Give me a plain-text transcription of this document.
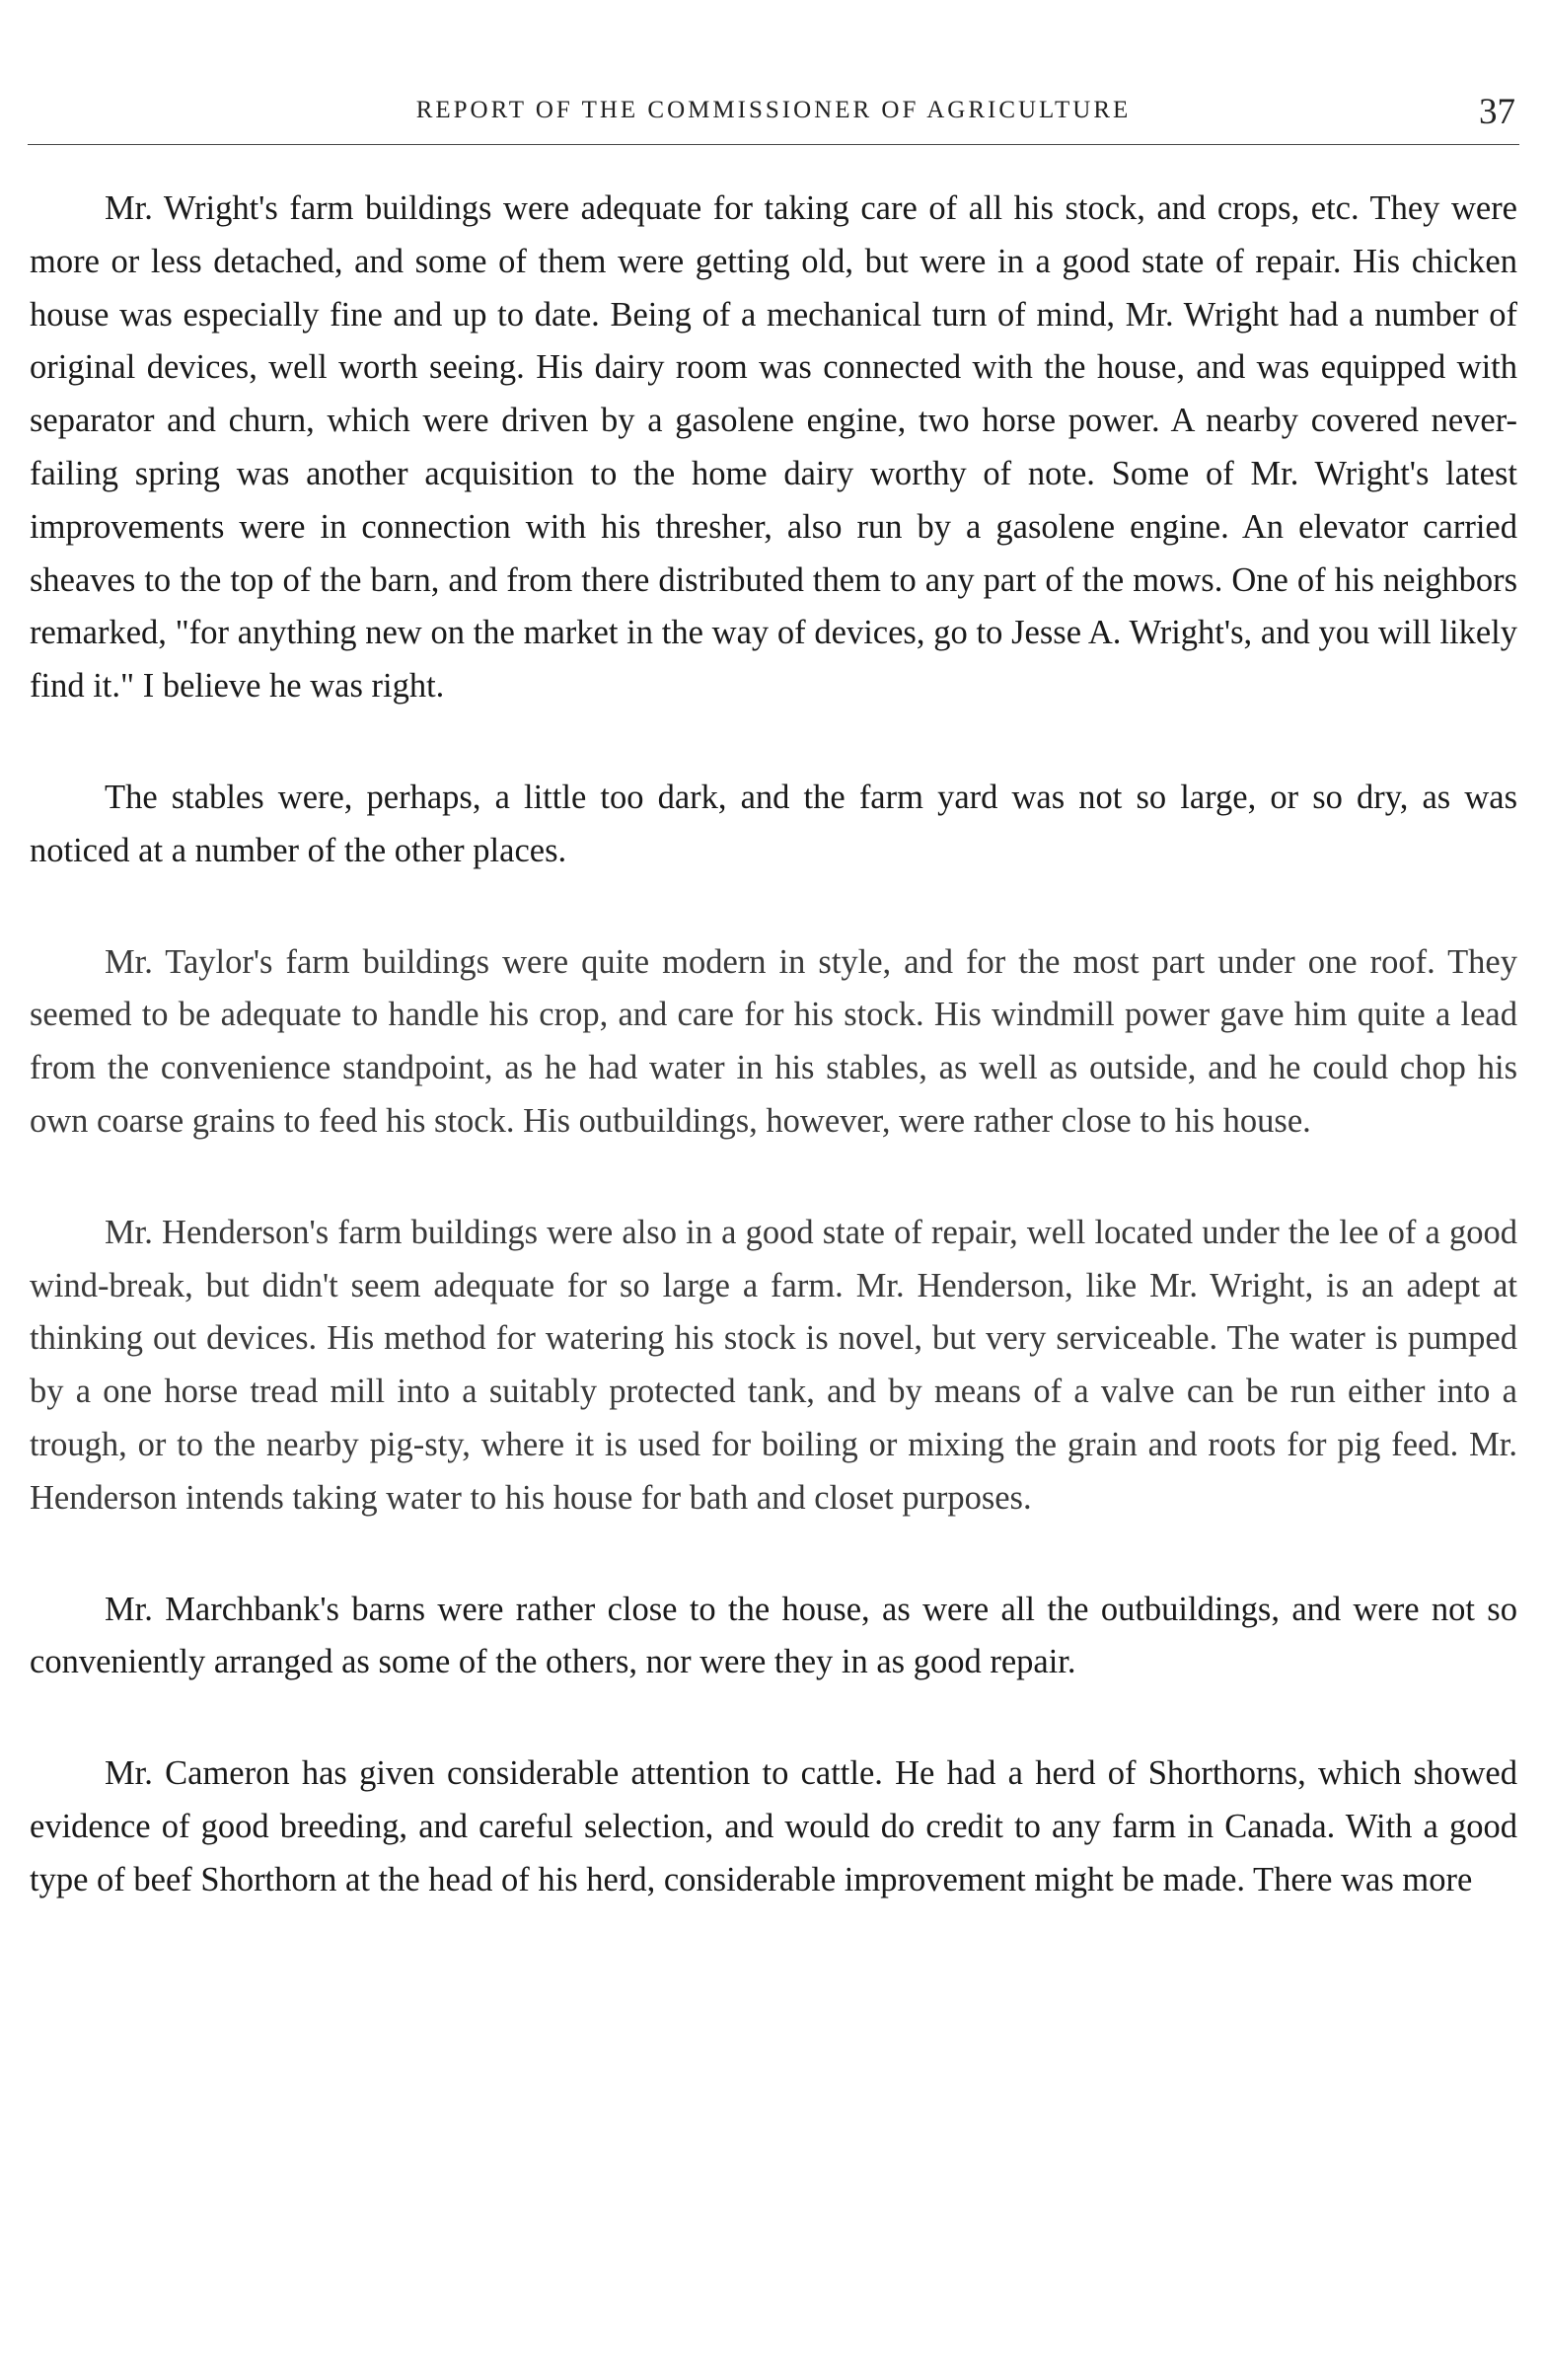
REPORT OF THE COMMISSIONER OF AGRICULTURE	37

Mr. Wright's farm buildings were adequate for taking care of all his stock, and crops, etc. They were more or less detached, and some of them were getting old, but were in a good state of repair. His chicken house was especially fine and up to date. Being of a mechanical turn of mind, Mr. Wright had a number of original devices, well worth seeing. His dairy room was connected with the house, and was equipped with separator and churn, which were driven by a gasolene engine, two horse power. A nearby covered never-failing spring was another acquisition to the home dairy worthy of note. Some of Mr. Wright's latest improvements were in connection with his thresher, also run by a gasolene engine. An elevator carried sheaves to the top of the barn, and from there distributed them to any part of the mows. One of his neighbors remarked, "for anything new on the market in the way of devices, go to Jesse A. Wright's, and you will likely find it." I believe he was right.

The stables were, perhaps, a little too dark, and the farm yard was not so large, or so dry, as was noticed at a number of the other places.

Mr. Taylor's farm buildings were quite modern in style, and for the most part under one roof. They seemed to be adequate to handle his crop, and care for his stock. His windmill power gave him quite a lead from the convenience standpoint, as he had water in his stables, as well as outside, and he could chop his own coarse grains to feed his stock. His outbuildings, however, were rather close to his house.

Mr. Henderson's farm buildings were also in a good state of repair, well located under the lee of a good wind-break, but didn't seem adequate for so large a farm. Mr. Henderson, like Mr. Wright, is an adept at thinking out devices. His method for watering his stock is novel, but very serviceable. The water is pumped by a one horse tread mill into a suitably protected tank, and by means of a valve can be run either into a trough, or to the nearby pig-sty, where it is used for boiling or mixing the grain and roots for pig feed. Mr. Henderson intends taking water to his house for bath and closet purposes.

Mr. Marchbank's barns were rather close to the house, as were all the outbuildings, and were not so conveniently arranged as some of the others, nor were they in as good repair.

Mr. Cameron has given considerable attention to cattle. He had a herd of Shorthorns, which showed evidence of good breeding, and careful selection, and would do credit to any farm in Canada. With a good type of beef Shorthorn at the head of his herd, considerable improvement might be made. There was more
